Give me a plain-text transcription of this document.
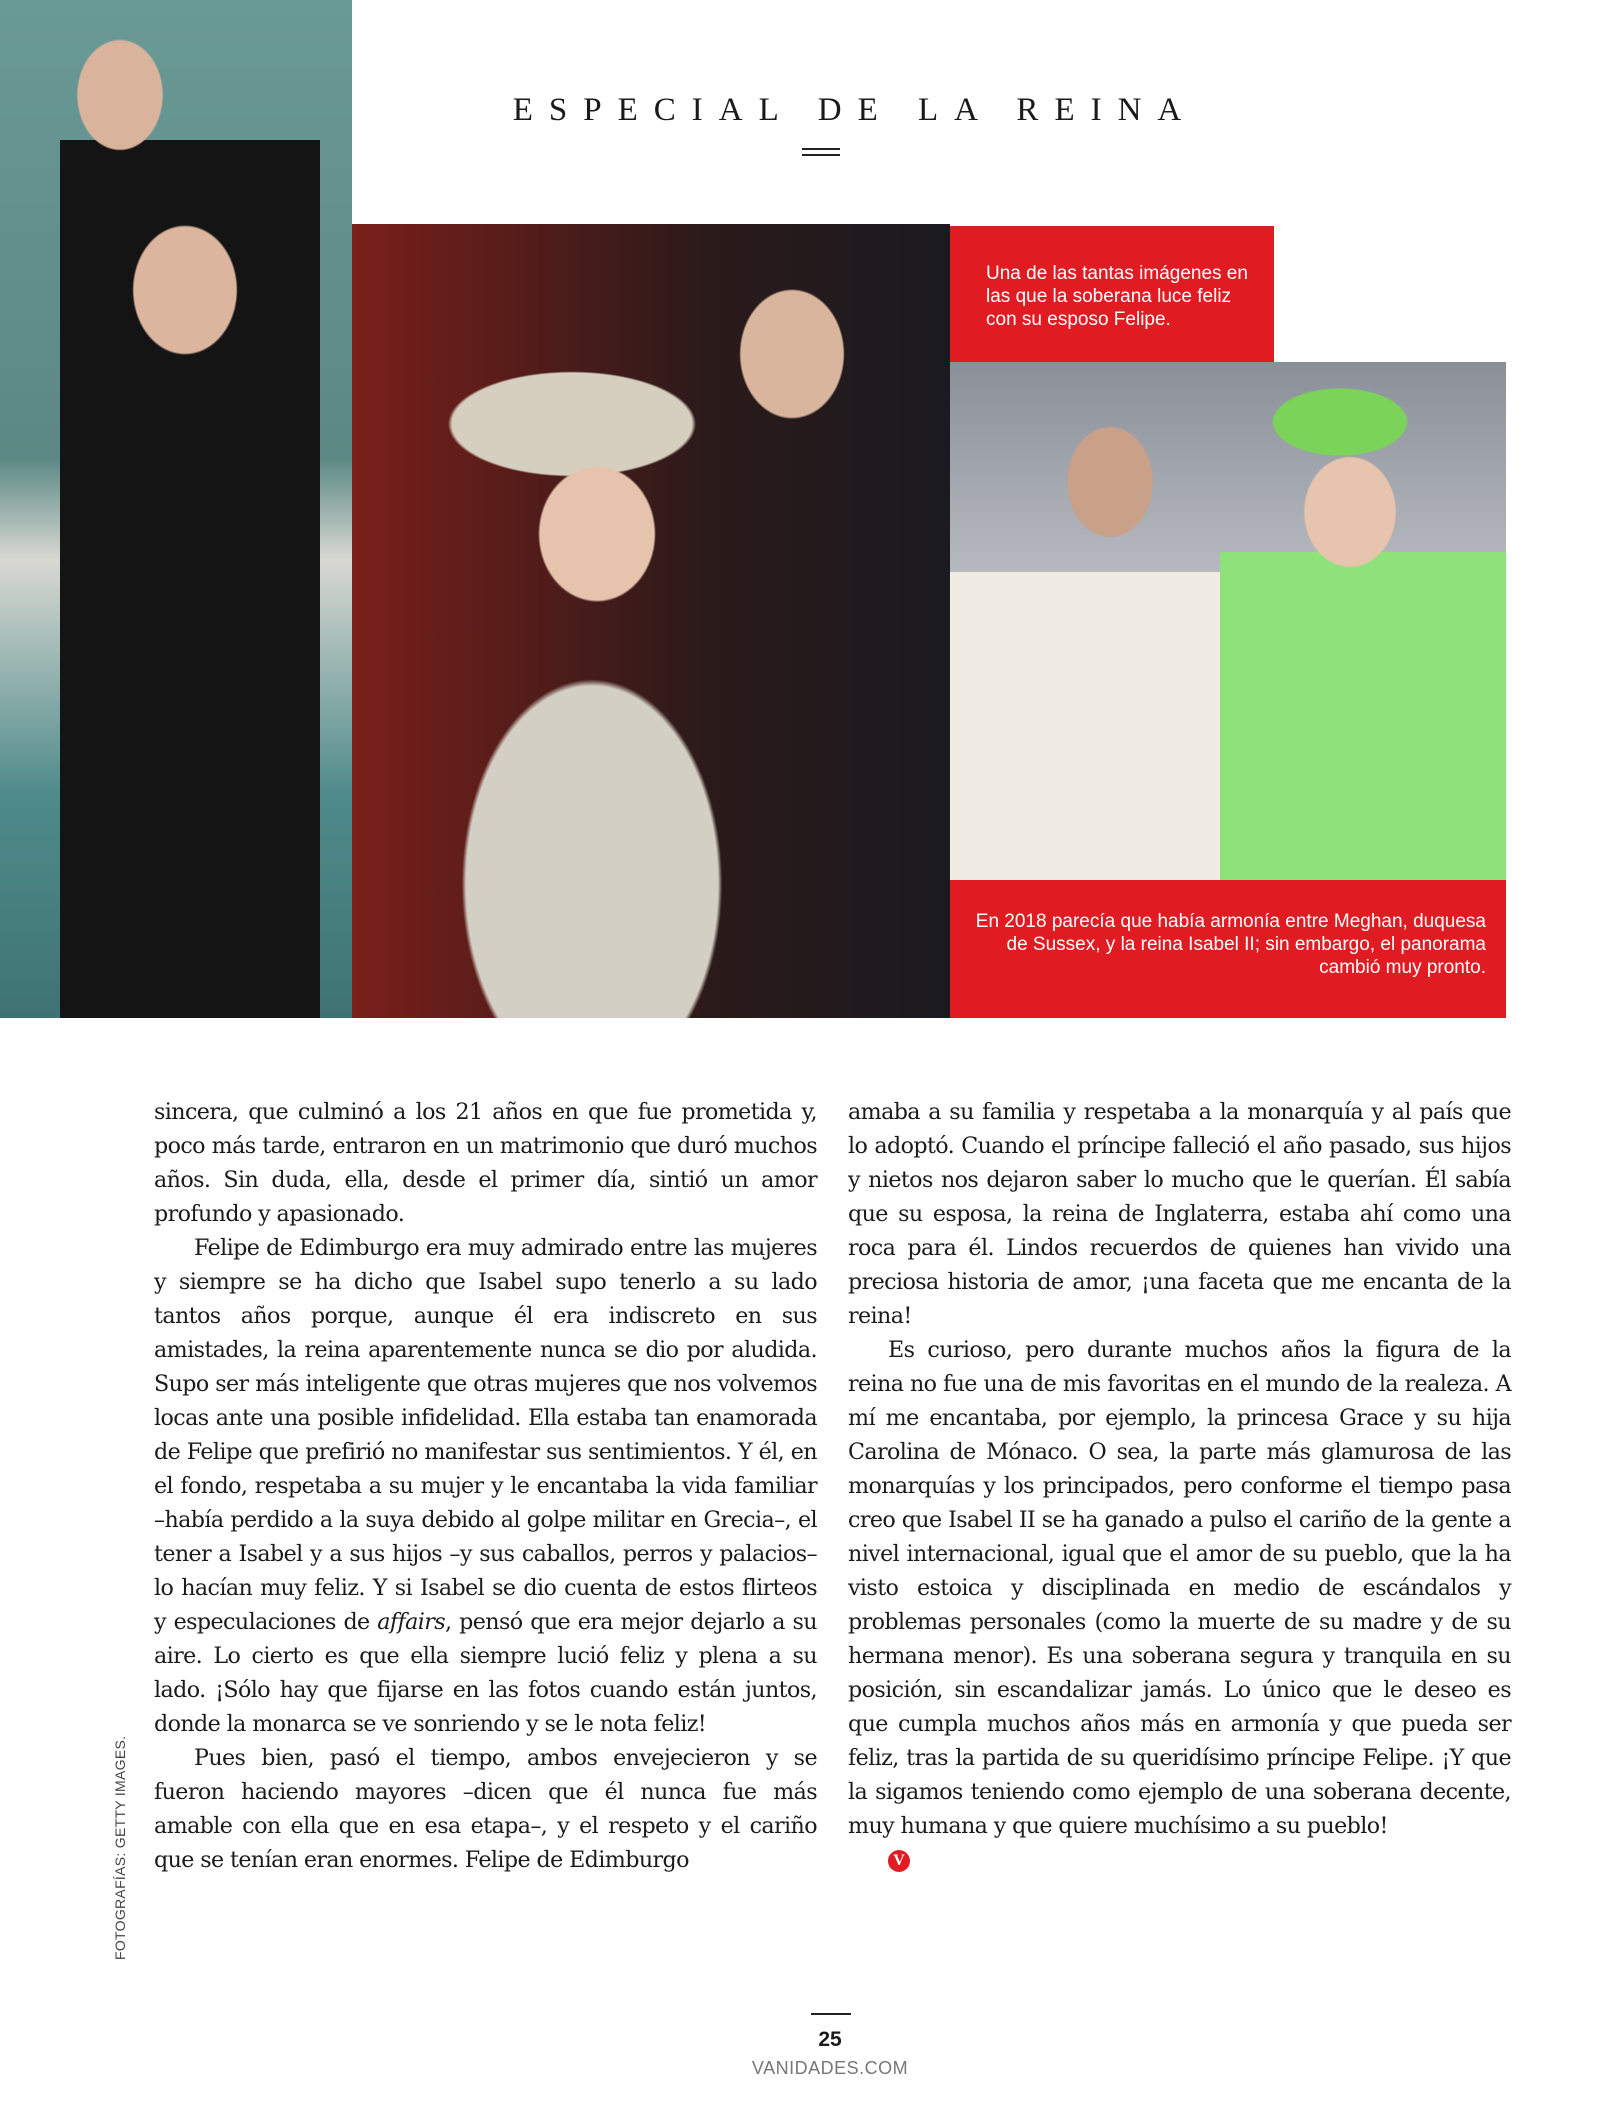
ESPECIAL DE LA REINA
Una de las tantas imágenes en las que la soberana luce feliz con su esposo Felipe.
En 2018 parecía que había armonía entre Meghan, duquesa de Sussex, y la reina Isabel II; sin embargo, el panorama cambió muy pronto.

sincera, que culminó a los 21 años en que fue prometida y, poco más tarde, entraron en un matrimonio que duró muchos años. Sin duda, ella, desde el primer día, sintió un amor profundo y apasionado.

Felipe de Edimburgo era muy admirado entre las mujeres y siempre se ha dicho que Isabel supo tenerlo a su lado tantos años porque, aunque él era indiscreto en sus amistades, la reina aparentemente nunca se dio por aludida. Supo ser más inteligente que otras mujeres que nos volvemos locas ante una posible infidelidad. Ella estaba tan enamorada de Felipe que prefirió no manifestar sus sentimientos. Y él, en el fondo, respetaba a su mujer y le encantaba la vida familiar –había perdido a la suya debido al golpe militar en Grecia–, el tener a Isabel y a sus hijos –y sus caballos, perros y palacios– lo hacían muy feliz. Y si Isabel se dio cuenta de estos flirteos y especulaciones de affairs, pensó que era mejor dejarlo a su aire. Lo cierto es que ella siempre lució feliz y plena a su lado. ¡Sólo hay que fijarse en las fotos cuando están juntos, donde la monarca se ve sonriendo y se le nota feliz!

Pues bien, pasó el tiempo, ambos envejecieron y se fueron haciendo mayores –dicen que él nunca fue más amable con ella que en esa etapa–, y el respeto y el cariño que se tenían eran enormes. Felipe de Edimburgo

amaba a su familia y respetaba a la monarquía y al país que lo adoptó. Cuando el príncipe falleció el año pasado, sus hijos y nietos nos dejaron saber lo mucho que le querían. Él sabía que su esposa, la reina de Inglaterra, estaba ahí como una roca para él. Lindos recuerdos de quienes han vivido una preciosa historia de amor, ¡una faceta que me encanta de la reina!

Es curioso, pero durante muchos años la figura de la reina no fue una de mis favoritas en el mundo de la realeza. A mí me encantaba, por ejemplo, la princesa Grace y su hija Carolina de Mónaco. O sea, la parte más glamurosa de las monarquías y los principados, pero conforme el tiempo pasa creo que Isabel II se ha ganado a pulso el cariño de la gente a nivel internacional, igual que el amor de su pueblo, que la ha visto estoica y disciplinada en medio de escándalos y problemas personales (como la muerte de su madre y de su hermana menor). Es una soberana segura y tranquila en su posición, sin escandalizar jamás. Lo único que le deseo es que cumpla muchos años más en armonía y que pueda ser feliz, tras la partida de su queridísimo príncipe Felipe. ¡Y que la sigamos teniendo como ejemplo de una soberana decente, muy humana y que quiere muchísimo a su pueblo!

V

FOTOGRAFÍAS: GETTY IMAGES.

25
VANIDADES.COM
